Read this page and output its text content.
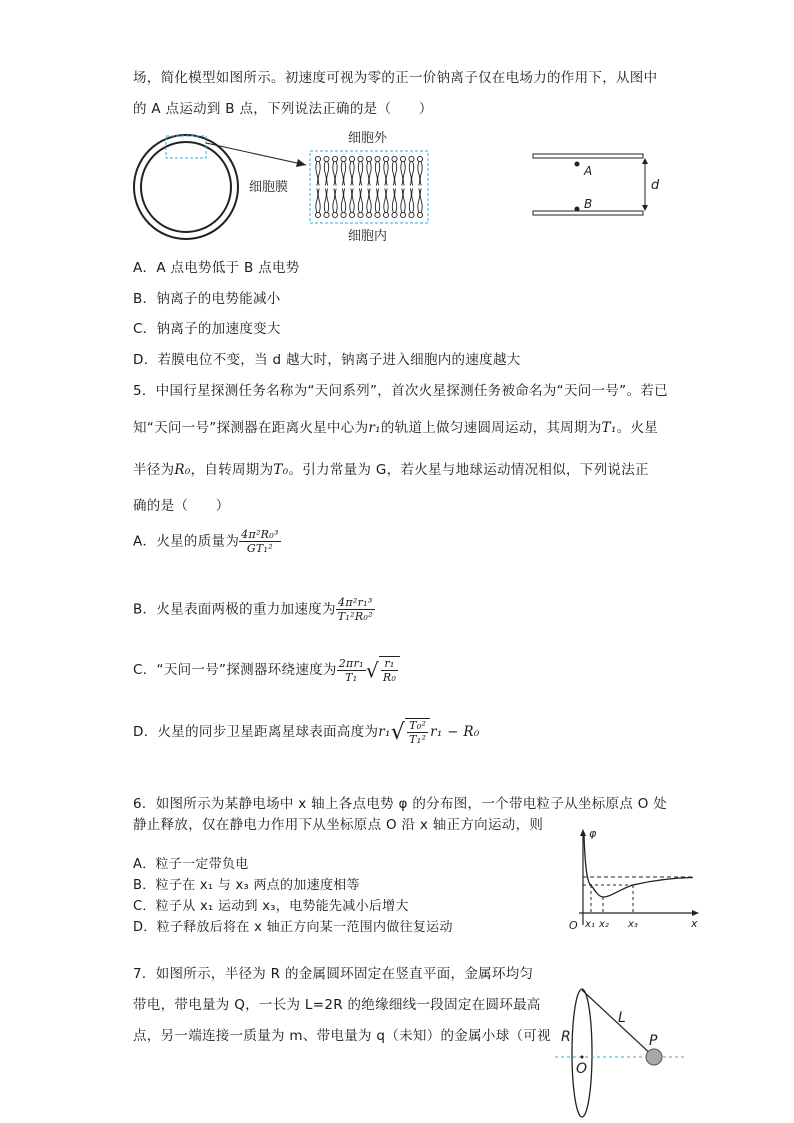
场，简化模型如图所示。初速度可视为零的正一价钠离子仅在电场力的作用下，从图中
的 A 点运动到 B 点，下列说法正确的是（　　）
细胞膜
细胞外
细胞内
A
B
d
A．A 点电势低于 B 点电势
B．钠离子的电势能减小
C．钠离子的加速度变大
D．若膜电位不变，当 d 越大时，钠离子进入细胞内的速度越大
5．中国行星探测任务名称为“天问系列”，首次火星探测任务被命名为“天问一号”。若已
知“天问一号”探测器在距离火星中心为r₁的轨道上做匀速圆周运动，其周期为T₁。火星
半径为R₀，自转周期为T₀。引力常量为 G，若火星与地球运动情况相似，下列说法正
确的是（　　）
A．火星的质量为 $\frac{\text{4π²R₀³}}{\text{GT₁²}}$
B．火星表面两极的重力加速度为 $\frac{\text{4π²r₁³}}{\text{T₁²R₀²}}$
C．“天问一号”探测器环绕速度为 $\frac{\text{2πr₁}}{\text{T₁}}$ √ $\frac{\text{r₁}}{\text{R₀}}$
D．火星的同步卫星距离星球表面高度为$r_1√ \frac{\text{T₀²}}{\text{T₁²}} r_1 - R_0$
6．如图所示为某静电场中 x 轴上各点电势 φ 的分布图，一个带电粒子从坐标原点 O 处
静止释放，仅在静电力作用下从坐标原点 O 沿 x 轴正方向运动，则
A．粒子一定带负电
B．粒子在 x₁ 与 x₃ 两点的加速度相等
C．粒子从 x₁ 运动到 x₃，电势能先减小后增大
D．粒子释放后将在 x 轴正方向某一范围内做往复运动
φ
O x₁ x₂ x₃	x
7．如图所示，半径为 R 的金属圆环固定在竖直平面，金属环均匀
带电，带电量为 Q，一长为 L=2R 的绝缘细线一段固定在圆环最高
点，另一端连接一质量为 m、带电量为 q（未知）的金属小球（可视 R
O
L
P
